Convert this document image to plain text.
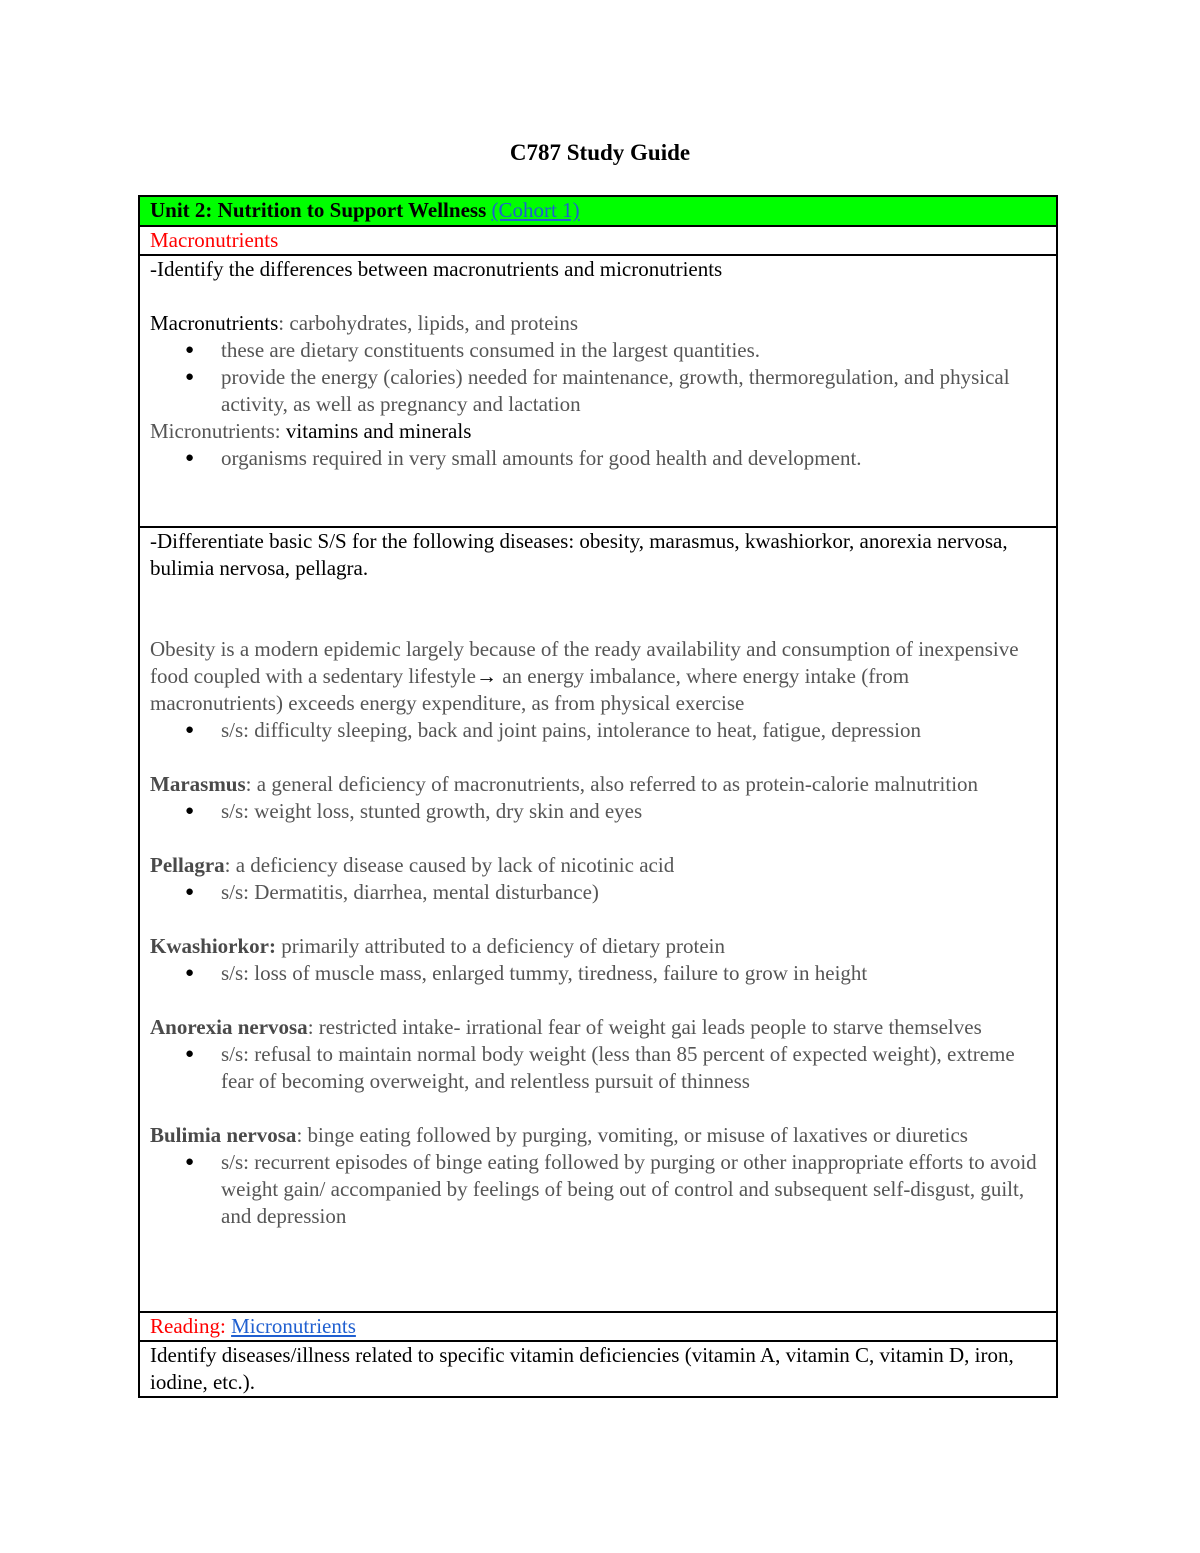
C787 Study Guide
Unit 2: Nutrition to Support Wellness (Cohort 1)
Macronutrients

-Identify the differences between macronutrients and micronutrients

Macronutrients: carbohydrates, lipids, and proteins

● these are dietary constituents consumed in the largest quantities.
● provide the energy (calories) needed for maintenance, growth, thermoregulation, and physical activity, as well as pregnancy and lactation

Micronutrients: vitamins and minerals

● organisms required in very small amounts for good health and development.

-Differentiate basic S/S for the following diseases: obesity, marasmus, kwashiorkor, anorexia nervosa, bulimia nervosa, pellagra.

Obesity is a modern epidemic largely because of the ready availability and consumption of inexpensive food coupled with a sedentary lifestyle→ an energy imbalance, where energy intake (from macronutrients) exceeds energy expenditure, as from physical exercise

● s/s: difficulty sleeping, back and joint pains, intolerance to heat, fatigue, depression

Marasmus: a general deficiency of macronutrients, also referred to as protein-calorie malnutrition

● s/s: weight loss, stunted growth, dry skin and eyes

Pellagra: a deficiency disease caused by lack of nicotinic acid

● s/s: Dermatitis, diarrhea, mental disturbance)

Kwashiorkor: primarily attributed to a deficiency of dietary protein

● s/s: loss of muscle mass, enlarged tummy, tiredness, failure to grow in height

Anorexia nervosa: restricted intake- irrational fear of weight gai leads people to starve themselves

● s/s: refusal to maintain normal body weight (less than 85 percent of expected weight), extreme fear of becoming overweight, and relentless pursuit of thinness

Bulimia nervosa: binge eating followed by purging, vomiting, or misuse of laxatives or diuretics

● s/s: recurrent episodes of binge eating followed by purging or other inappropriate efforts to avoid weight gain/ accompanied by feelings of being out of control and subsequent self-disgust, guilt, and depression

Reading: Micronutrients
Identify diseases/illness related to specific vitamin deficiencies (vitamin A, vitamin C, vitamin D, iron, iodine, etc.).
